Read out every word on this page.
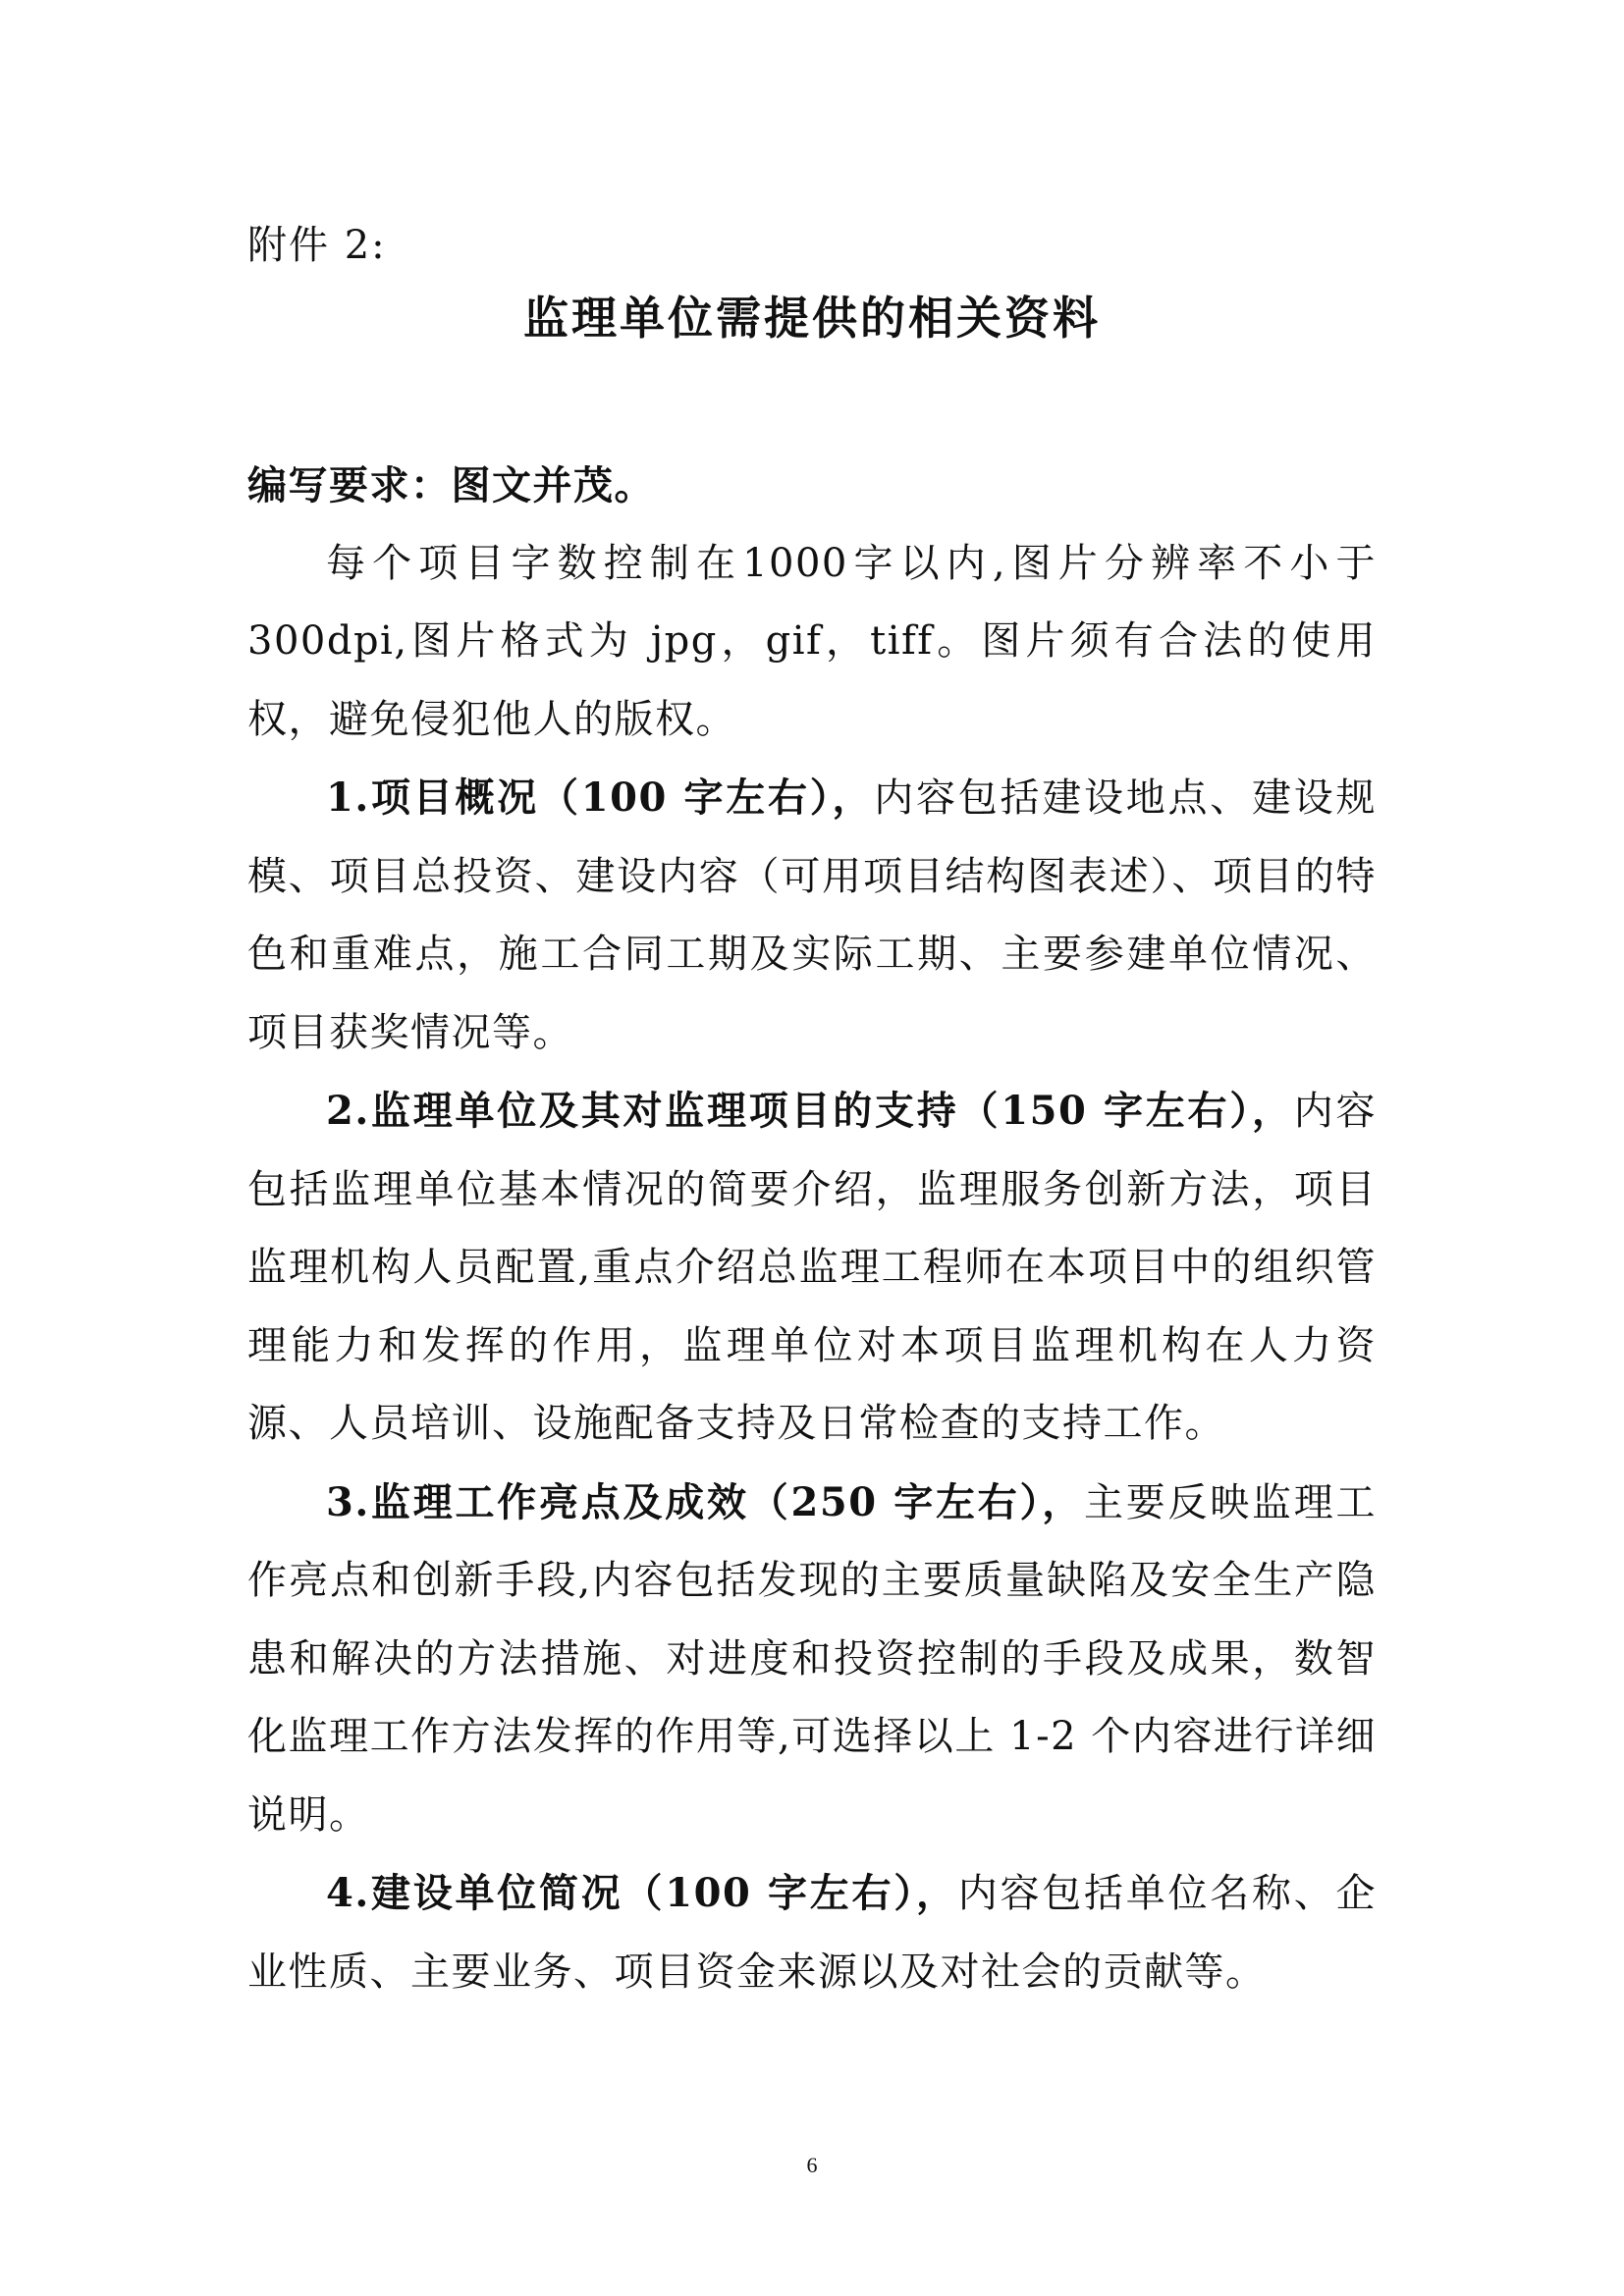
附件 2:
监理单位需提供的相关资料

编写要求：图文并茂。

每个项目字数控制在1000字以内,图片分辨率不小于300dpi,图片格式为 jpg，gif，tiff。图片须有合法的使用权，避免侵犯他人的版权。

1.项目概况（100 字左右），内容包括建设地点、建设规模、项目总投资、建设内容（可用项目结构图表述）、项目的特色和重难点，施工合同工期及实际工期、主要参建单位情况、项目获奖情况等。

2.监理单位及其对监理项目的支持（150 字左右），内容包括监理单位基本情况的简要介绍，监理服务创新方法，项目监理机构人员配置,重点介绍总监理工程师在本项目中的组织管理能力和发挥的作用，监理单位对本项目监理机构在人力资源、人员培训、设施配备支持及日常检查的支持工作。

3.监理工作亮点及成效（250 字左右），主要反映监理工作亮点和创新手段,内容包括发现的主要质量缺陷及安全生产隐患和解决的方法措施、对进度和投资控制的手段及成果，数智化监理工作方法发挥的作用等,可选择以上 1-2 个内容进行详细说明。

4.建设单位简况（100 字左右），内容包括单位名称、企业性质、主要业务、项目资金来源以及对社会的贡献等。

6
